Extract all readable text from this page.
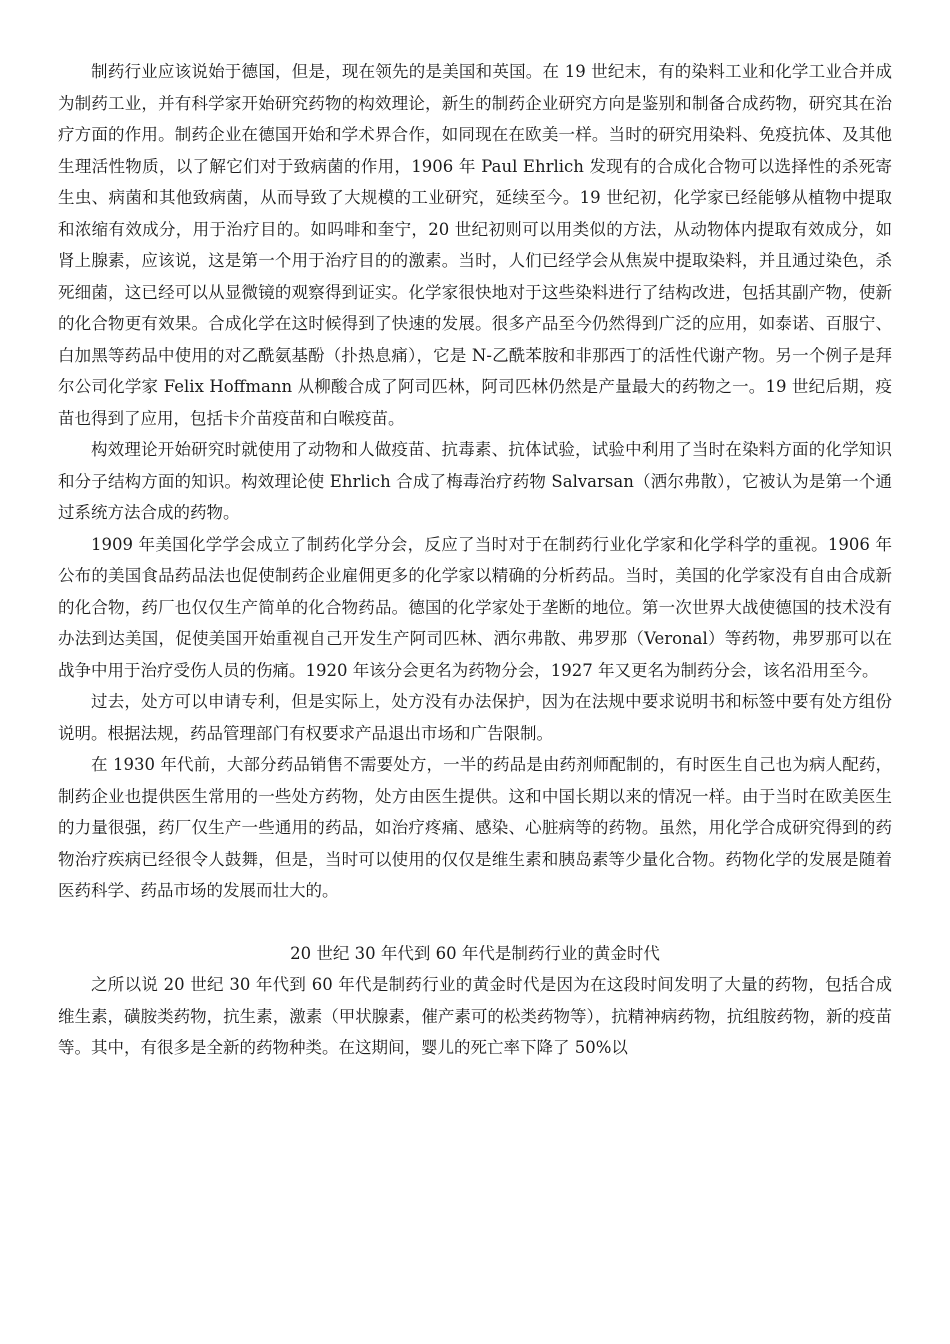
制药行业应该说始于德国，但是，现在领先的是美国和英国。在 19 世纪末，有的染料工业和化学工业合并成为制药工业，并有科学家开始研究药物的构效理论，新生的制药企业研究方向是鉴别和制备合成药物，研究其在治疗方面的作用。制药企业在德国开始和学术界合作，如同现在在欧美一样。当时的研究用染料、免疫抗体、及其他生理活性物质，以了解它们对于致病菌的作用，1906 年 Paul Ehrlich 发现有的合成化合物可以选择性的杀死寄生虫、病菌和其他致病菌，从而导致了大规模的工业研究，延续至今。19 世纪初，化学家已经能够从植物中提取和浓缩有效成分，用于治疗目的。如吗啡和奎宁，20 世纪初则可以用类似的方法，从动物体内提取有效成分，如肾上腺素，应该说，这是第一个用于治疗目的的激素。当时，人们已经学会从焦炭中提取染料，并且通过染色，杀死细菌，这已经可以从显微镜的观察得到证实。化学家很快地对于这些染料进行了结构改进，包括其副产物，使新的化合物更有效果。合成化学在这时候得到了快速的发展。很多产品至今仍然得到广泛的应用，如泰诺、百服宁、白加黑等药品中使用的对乙酰氨基酚（扑热息痛），它是 N-乙酰苯胺和非那西丁的活性代谢产物。另一个例子是拜尔公司化学家 Felix Hoffmann 从柳酸合成了阿司匹林，阿司匹林仍然是产量最大的药物之一。19 世纪后期，疫苗也得到了应用，包括卡介苗疫苗和白喉疫苗。

构效理论开始研究时就使用了动物和人做疫苗、抗毒素、抗体试验，试验中利用了当时在染料方面的化学知识和分子结构方面的知识。构效理论使 Ehrlich 合成了梅毒治疗药物 Salvarsan（洒尔弗散），它被认为是第一个通过系统方法合成的药物。

1909 年美国化学学会成立了制药化学分会，反应了当时对于在制药行业化学家和化学科学的重视。1906 年公布的美国食品药品法也促使制药企业雇佣更多的化学家以精确的分析药品。当时，美国的化学家没有自由合成新的化合物，药厂也仅仅生产简单的化合物药品。德国的化学家处于垄断的地位。第一次世界大战使德国的技术没有办法到达美国，促使美国开始重视自己开发生产阿司匹林、洒尔弗散、弗罗那（Veronal）等药物，弗罗那可以在战争中用于治疗受伤人员的伤痛。1920 年该分会更名为药物分会，1927 年又更名为制药分会，该名沿用至今。

过去，处方可以申请专利，但是实际上，处方没有办法保护，因为在法规中要求说明书和标签中要有处方组份说明。根据法规，药品管理部门有权要求产品退出市场和广告限制。

在 1930 年代前，大部分药品销售不需要处方，一半的药品是由药剂师配制的，有时医生自己也为病人配药，制药企业也提供医生常用的一些处方药物，处方由医生提供。这和中国长期以来的情况一样。由于当时在欧美医生的力量很强，药厂仅生产一些通用的药品，如治疗疼痛、感染、心脏病等的药物。虽然，用化学合成研究得到的药物治疗疾病已经很令人鼓舞，但是，当时可以使用的仅仅是维生素和胰岛素等少量化合物。药物化学的发展是随着医药科学、药品市场的发展而壮大的。

20 世纪 30 年代到 60 年代是制药行业的黄金时代

之所以说 20 世纪 30 年代到 60 年代是制药行业的黄金时代是因为在这段时间发明了大量的药物，包括合成维生素，磺胺类药物，抗生素，激素（甲状腺素，催产素可的松类药物等），抗精神病药物，抗组胺药物，新的疫苗等。其中，有很多是全新的药物种类。在这期间，婴儿的死亡率下降了 50%以
